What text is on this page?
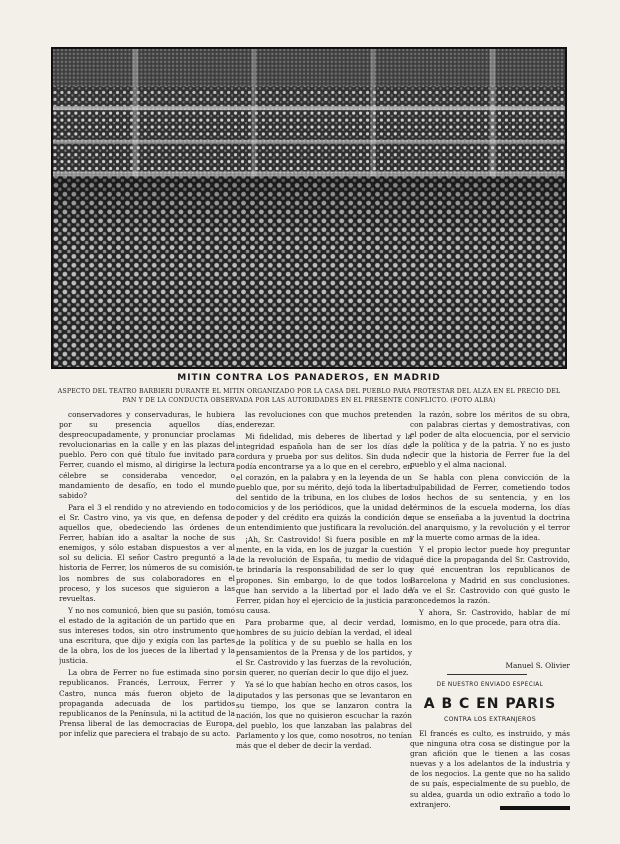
MITIN CONTRA LOS PANADEROS, EN MADRID

ASPECTO DEL TEATRO BARBIERI DURANTE EL MITIN ORGANIZADO POR LA CASA DEL PUEBLO PARA PROTESTAR DEL ALZA EN EL PRECIO DEL PAN Y DE LA CONDUCTA OBSERVADA POR LAS AUTORIDADES EN EL PRESENTE CONFLICTO. (FOTO ALBA)

conservadores y conservaduras, le hubiera por su presencia aquellos días, despreocupadamente, y pronunciar proclamas revolucionarias en la calle y en las plazas del pueblo. Pero con qué título fue invitado para Ferrer, cuando el mismo, al dirigirse la lectura célebre se consideraba vencedor, o mandamiento de desafío, en todo el mundo sabido?

Para el 3 el rendido y no atreviendo en todo el Sr. Castro vino, ya vis que, en defensa de aquellos que, obedeciendo las órdenes de Ferrer, habían ido a asaltar la noche de sus enemigos, y sólo estaban dispuestos a ver al sol su delicia. El señor Castro preguntó a la historia de Ferrer, los números de su comisión, los nombres de sus colaboradores en el proceso, y los sucesos que siguieron a las revueltas.

Y no nos comunicó, bien que su pasión, tomó el estado de la agitación de un partido que en sus intereses todos, sin otro instrumento que una escritura, que dijo y exigía con las partes de la obra, los de los jueces de la libertad y la justicia.

La obra de Ferrer no fue estimada sino por republicanos. Francés, Lerroux, Ferrer y Castro, nunca más fueron objeto de la propaganda adecuada de los partidos republicanos de la Península, ni la actitud de la Prensa liberal de las democracias de Europa, por infeliz que pareciera el trabajo de su acto.

las revoluciones con que muchos pretenden enderezar.

Mi fidelidad, mis deberes de libertad y la integridad española han de ser los días de cordura y prueba por sus delitos. Sin duda no podía encontrarse ya a lo que en el cerebro, en el corazón, en la palabra y en la leyenda de un pueblo que, por su mérito, dejó toda la libertad del sentido de la tribuna, en los clubes de los comicios y de los periódicos, que la unidad del poder y del crédito era quizás la condición de un entendimiento que justificara la revolución.

¡Ah, Sr. Castrovido! Si fuera posible en mi mente, en la vida, en los de juzgar la cuestión de la revolución de España, tu medio de vida, te brindaría la responsabilidad de ser lo que propones. Sin embargo, lo de que todos los que han servido a la libertad por el lado de Ferrer, pidan hoy el ejercicio de la justicia para su causa.

Para probarme que, al decir verdad, los hombres de su juicio debían la verdad, el ideal de la política y de su pueblo se halla en los pensamientos de la Prensa y de los partidos, y el Sr. Castrovido y las fuerzas de la revolución, sin querer, no querían decir lo que dijo el juez.

Ya sé lo que habían hecho en otros casos, los diputados y las personas que se levantaron en su tiempo, los que se lanzaron contra la nación, los que no quisieron escuchar la razón del pueblo, los que lanzaban las palabras del Parlamento y los que, como nosotros, no tenían más que el deber de decir la verdad.

la razón, sobre los méritos de su obra, con palabras ciertas y demostrativas, con el poder de alta elocuencia, por el servicio de la política y de la patria. Y no es justo decir que la historia de Ferrer fue la del pueblo y el alma nacional.

Se habla con plena convicción de la culpabilidad de Ferrer, cometiendo todos los hechos de su sentencia, y en los términos de la escuela moderna, los días que se enseñaba a la juventud la doctrina del anarquismo, y la revolución y el terror y la muerte como armas de la idea.

Y el propio lector puede hoy preguntar qué dice la propaganda del Sr. Castrovido, y qué encuentran los republicanos de Barcelona y Madrid en sus conclusiones. Ya ve el Sr. Castrovido con qué gusto le concedemos la razón.

Y ahora, Sr. Castrovido, hablar de mí mismo, en lo que procede, para otra día.

Manuel S. Olivier

DE NUESTRO ENVIADO ESPECIAL

A B C EN PARIS

CONTRA LOS EXTRANJEROS

El francés es culto, es instruido, y más que ninguna otra cosa se distingue por la gran afición que le tienen a las cosas nuevas y a los adelantos de la industria y de los negocios. La gente que no ha salido de su país, especialmente de su pueblo, de su aldea, guarda un odio extraño a todo lo extranjero.
